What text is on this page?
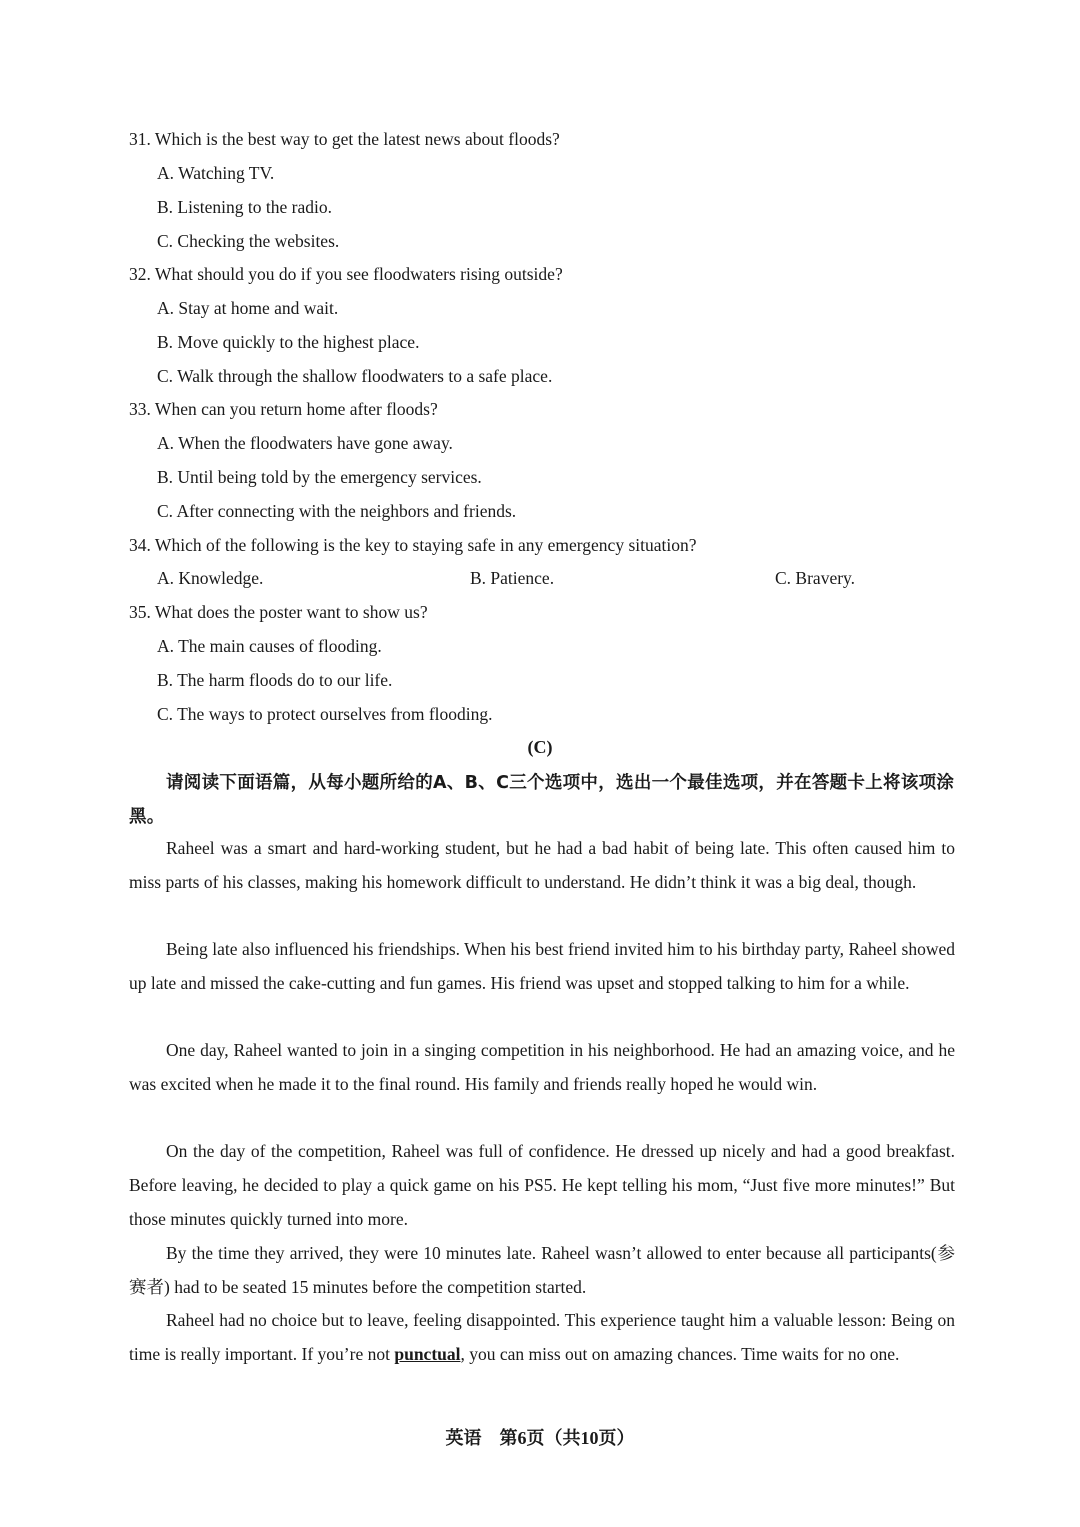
31. Which is the best way to get the latest news about floods?
A. Watching TV.
B. Listening to the radio.
C. Checking the websites.
32. What should you do if you see floodwaters rising outside?
A. Stay at home and wait.
B. Move quickly to the highest place.
C. Walk through the shallow floodwaters to a safe place.
33. When can you return home after floods?
A. When the floodwaters have gone away.
B. Until being told by the emergency services.
C. After connecting with the neighbors and friends.
34. Which of the following is the key to staying safe in any emergency situation?
A. Knowledge.	B. Patience.	C. Bravery.
35. What does the poster want to show us?
A. The main causes of flooding.
B. The harm floods do to our life.
C. The ways to protect ourselves from flooding.
(C)
请阅读下面语篇，从每小题所给的A、B、C三个选项中，选出一个最佳选项，并在答题卡上将该项涂黑。
Raheel was a smart and hard-working student, but he had a bad habit of being late. This often caused him to miss parts of his classes, making his homework difficult to understand. He didn’t think it was a big deal, though.
Being late also influenced his friendships. When his best friend invited him to his birthday party, Raheel showed up late and missed the cake-cutting and fun games. His friend was upset and stopped talking to him for a while.
One day, Raheel wanted to join in a singing competition in his neighborhood. He had an amazing voice, and he was excited when he made it to the final round. His family and friends really hoped he would win.
On the day of the competition, Raheel was full of confidence. He dressed up nicely and had a good breakfast. Before leaving, he decided to play a quick game on his PS5. He kept telling his mom, “Just five more minutes!” But those minutes quickly turned into more.
By the time they arrived, they were 10 minutes late. Raheel wasn’t allowed to enter because all participants(参赛者) had to be seated 15 minutes before the competition started.
Raheel had no choice but to leave, feeling disappointed. This experience taught him a valuable lesson: Being on time is really important. If you’re not punctual, you can miss out on amazing chances. Time waits for no one.
英语　第6页（共10页）
